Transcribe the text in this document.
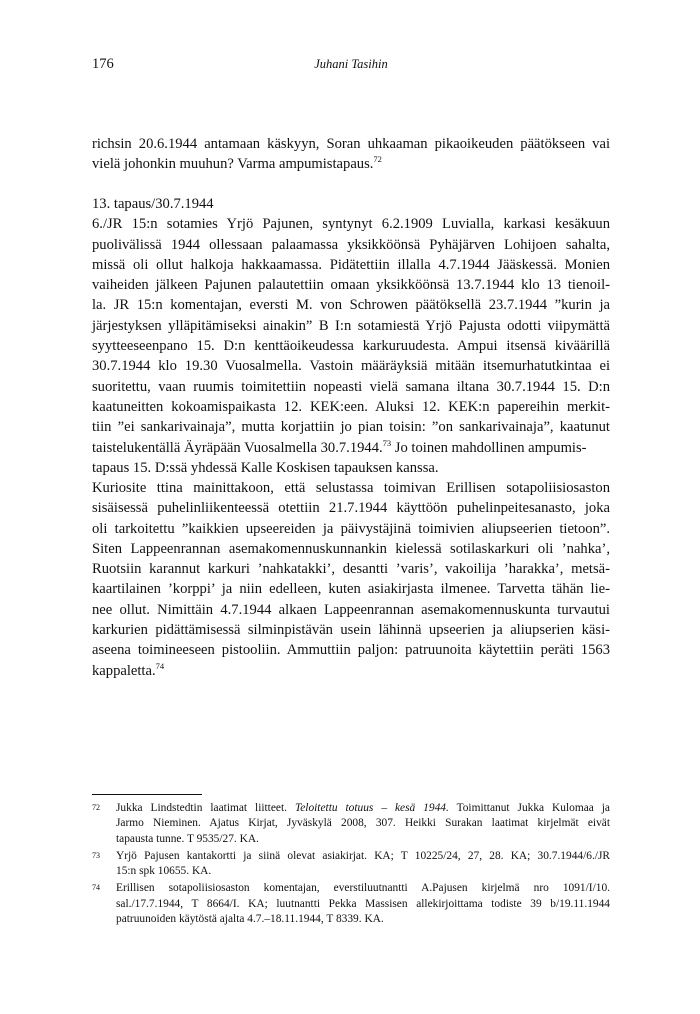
176	Juhani Tasihin
richsin 20.6.1944 antamaan käskyyn, Soran uhkaaman pikaoikeuden päätökseen vai
vielä johonkin muuhun? Varma ampumistapaus.$^{72}$
13. tapaus/30.7.1944
6./JR 15:n sotamies Yrjö Pajunen, syntynyt 6.2.1909 Luvialla, karkasi kesäkuun
puolivälissä 1944 ollessaan palaamassa yksikköönsä Pyhäjärven Lohijoen sahalta,
missä oli ollut halkoja hakkaamassa. Pidätettiin illalla 4.7.1944 Jääskessä. Monien
vaiheiden jälkeen Pajunen palautettiin omaan yksikköönsä 13.7.1944 klo 13 tienoil-
la. JR 15:n komentajan, eversti M. von Schrowen päätöksellä 23.7.1944 ”kurin ja
järjestyksen ylläpitämiseksi ainakin” B I:n sotamiestä Yrjö Pajusta odotti viipymättä
syytteeseenpano 15. D:n kenttäoikeudessa karkuruudesta. Ampui itsensä kiväärillä
30.7.1944 klo 19.30 Vuosalmella. Vastoin määräyksiä mitään itsemurhatutkintaa ei
suoritettu, vaan ruumis toimitettiin nopeasti vielä samana iltana 30.7.1944 15. D:n
kaatuneitten kokoamispaikasta 12. KEK:een. Aluksi 12. KEK:n papereihin merkit-
tiin ”ei sankarivainaja”, mutta korjattiin jo pian toisin: ”on sankarivainaja”, kaatunut
taistelukentällä Äyräpään Vuosalmella 30.7.1944.73 Jo toinen mahdollinen ampumis-
tapaus 15. D:ssä yhdessä Kalle Koskisen tapauksen kanssa.
Kuriosite ttina mainittakoon, että selustassa toimivan Erillisen sotapoliisiosaston
sisäisessä puhelinliikenteessä otettiin 21.7.1944 käyttöön puhelinpeitesanasto, joka
oli tarkoitettu ”kaikkien upseereiden ja päivystäjinä toimivien aliupseerien tietoon”.
Siten Lappeenrannan asemakomennuskunnankin kielessä sotilaskarkuri oli ’nahka’,
Ruotsiin karannut karkuri ’nahkatakki’, desantti ’varis’, vakoilija ’harakka’, metsä-
kaartilainen ’korppi’ ja niin edelleen, kuten asiakirjasta ilmenee. Tarvetta tähän lie-
nee ollut. Nimittäin 4.7.1944 alkaen Lappeenrannan asemakomennuskunta turvautui
karkurien pidättämisessä silminpistävän usein lähinnä upseerien ja aliupserien käsi-
aseena toimineeseen pistooliin. Ammuttiin paljon: patruunoita käytettiin peräti 1563
kappaletta.$^{74}$
72 Jukka Lindstedtin laatimat liitteet. Teloitettu totuus – kesä 1944. Toimittanut Jukka Kulomaa ja
Jarmo Nieminen. Ajatus Kirjat, Jyväskylä 2008, 307. Heikki Surakan laatimat kirjelmät eivät
tapausta tunne. T 9535/27. KA.
73 Yrjö Pajusen kantakortti ja siinä olevat asiakirjat. KA; T 10225/24, 27, 28. KA; 30.7.1944/6./JR
15:n spk 10655. KA.
74 Erillisen sotapoliisiosaston komentajan, everstiluutnantti A.Pajusen kirjelmä nro 1091/I/10.
sal./17.7.1944, T 8664/I. KA; luutnantti Pekka Massisen allekirjoittama todiste 39 b/19.11.1944
patruunoiden käytöstä ajalta 4.7.–18.11.1944, T 8339. KA.
